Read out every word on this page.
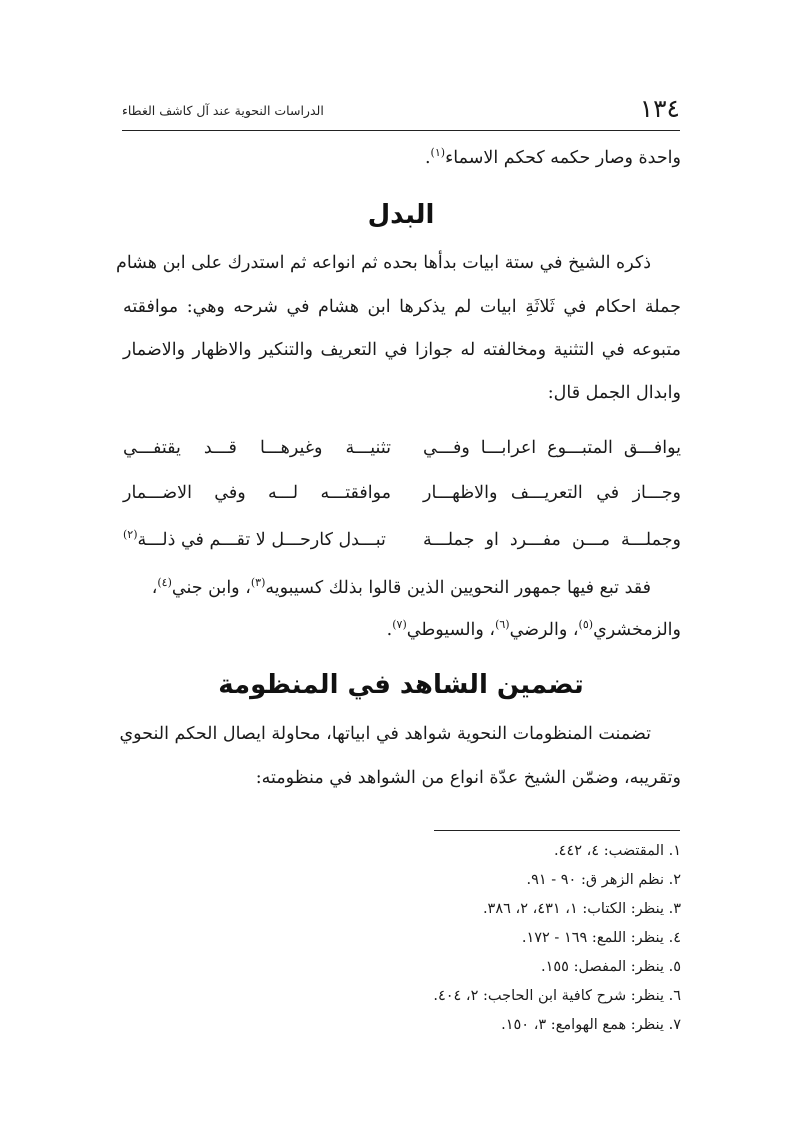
١٣٤
الدراسات النحوية عند آل كاشف الغطاء
واحدة وصار حكمه كحكم الاسماء$^{(١)}$.
البدل
ذكره الشيخ في ستة ابيات بدأها بحده ثم انواعه ثم استدرك على ابن هشام
جملة احكام في ثَلاثَةِ ابيات لم يذكرها ابن هشام في شرحه وهي: موافقته
متبوعه في التثنية ومخالفته له جوازا في التعريف والتنكير والاظهار والاضمار
وابدال الجمل قال:
يوافـــق المتبـــوع اعرابـــا وفـــي
تثنيـــة وغيرهـــا قـــد يقتفـــي
وجـــاز في التعريـــف والاظهـــار
موافقتـــه لـــه وفي الاضـــمار
وجملـــة مـــن مفـــرد او جملـــة
تبـــدل كارحـــل لا تقـــم في ذلـــة$^{(٢)}$
فقد تبع فيها جمهور النحويين الذين قالوا بذلك كسيبويه$^{(٣)}$، وابن جني$^{(٤)}$،
والزمخشري$^{(٥)}$، والرضي$^{(٦)}$، والسيوطي$^{(٧)}$.
تضمين الشاهد في المنظومة
تضمنت المنظومات النحوية شواهد في ابياتها، محاولة ايصال الحكم النحوي
وتقريبه، وضمّن الشيخ عدّة انواع من الشواهد في منظومته:
١. المقتضب: ٤، ٤٤٢.
٢. نظم الزهر ق: ٩٠ - ٩١.
٣. ينظر: الكتاب: ١، ٤٣١، ٢، ٣٨٦.
٤. ينظر: اللمع: ١٦٩ - ١٧٢.
٥. ينظر: المفصل: ١٥٥.
٦. ينظر: شرح كافية ابن الحاجب: ٢، ٤٠٤.
٧. ينظر: همع الهوامع: ٣، ١٥٠.
